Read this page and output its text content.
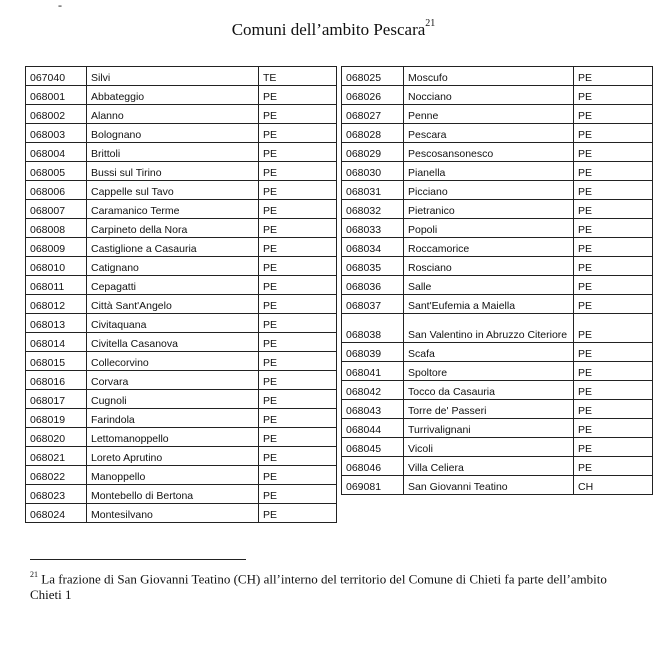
-
Comuni dell’ambito Pescara$^{21}$
067040	Silvi	TE
068001	Abbateggio	PE
068002	Alanno	PE
068003	Bolognano	PE
068004	Brittoli	PE
068005	Bussi sul Tirino	PE
068006	Cappelle sul Tavo	PE
068007	Caramanico Terme	PE
068008	Carpineto della Nora	PE
068009	Castiglione a Casauria	PE
068010	Catignano	PE
068011	Cepagatti	PE
068012	Città Sant'Angelo	PE
068013	Civitaquana	PE
068014	Civitella Casanova	PE
068015	Collecorvino	PE
068016	Corvara	PE
068017	Cugnoli	PE
068019	Farindola	PE
068020	Lettomanoppello	PE
068021	Loreto Aprutino	PE
068022	Manoppello	PE
068023	Montebello di Bertona	PE
068024	Montesilvano	PE
068025	Moscufo	PE
068026	Nocciano	PE
068027	Penne	PE
068028	Pescara	PE
068029	Pescosansonesco	PE
068030	Pianella	PE
068031	Picciano	PE
068032	Pietranico	PE
068033	Popoli	PE
068034	Roccamorice	PE
068035	Rosciano	PE
068036	Salle	PE
068037	Sant'Eufemia a Maiella	PE
068038	San Valentino in Abruzzo Citeriore	PE
068039	Scafa	PE
068041	Spoltore	PE
068042	Tocco da Casauria	PE
068043	Torre de' Passeri	PE
068044	Turrivalignani	PE
068045	Vicoli	PE
068046	Villa Celiera	PE
069081	San Giovanni Teatino	CH
$^{21}$ La frazione di San Giovanni Teatino (CH) all’interno del territorio del Comune di Chieti fa parte dell’ambito Chieti 1
